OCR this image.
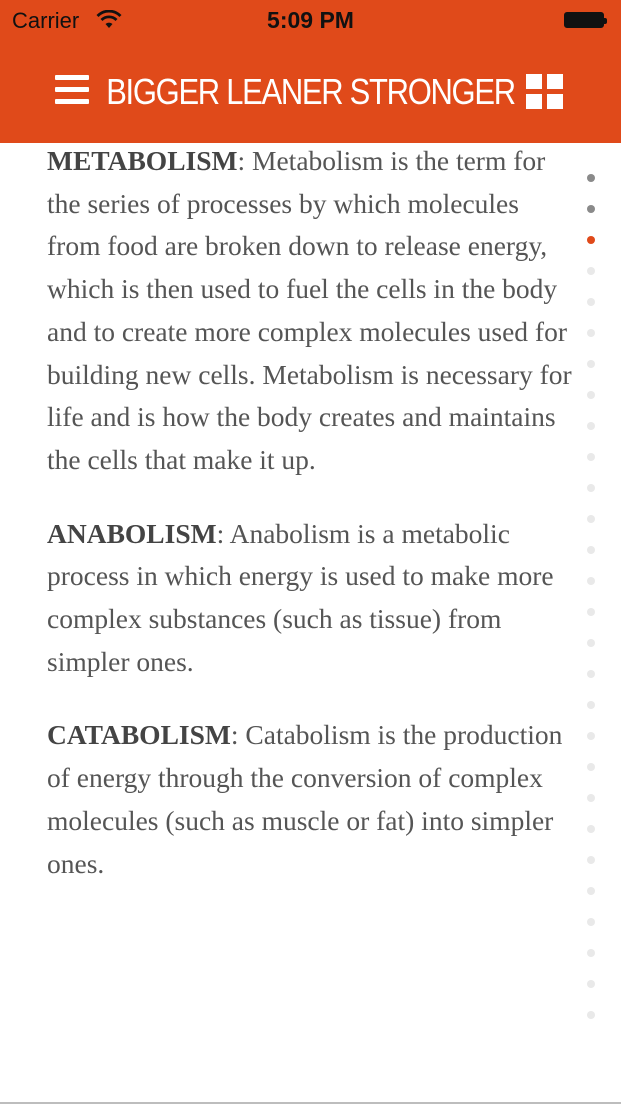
Carrier	5:09 PM
BIGGER LEANER STRONGER

METABOLISM: Metabolism is the term for the series of processes by which molecules from food are broken down to release energy, which is then used to fuel the cells in the body and to create more complex molecules used for building new cells. Metabolism is necessary for life and is how the body creates and maintains the cells that make it up.

ANABOLISM: Anabolism is a metabolic process in which energy is used to make more complex substances (such as tissue) from simpler ones.

CATABOLISM: Catabolism is the production of energy through the conversion of complex molecules (such as muscle or fat) into simpler ones.
